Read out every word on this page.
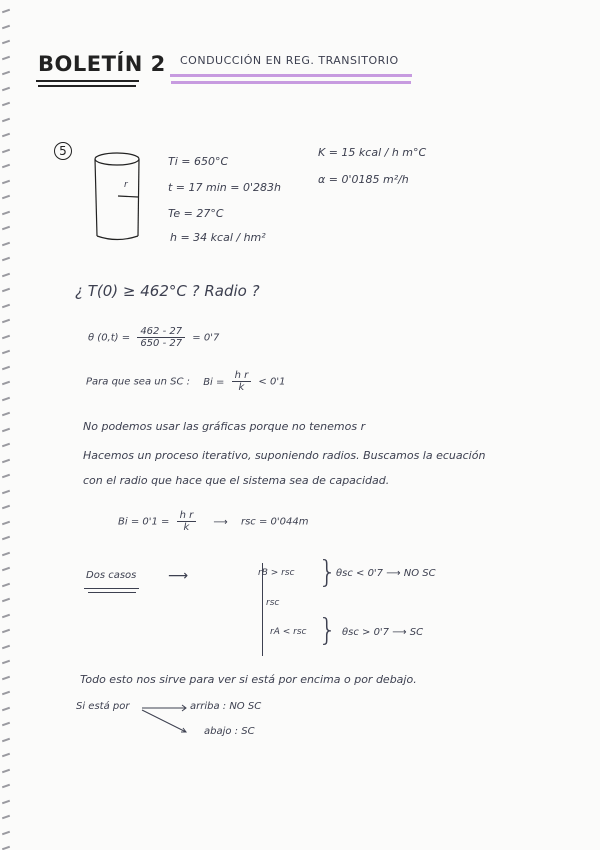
BOLETÍN 2 CONDUCCIÓN EN REG. TRANSITORIO
5
r
Ti = 650°C
t = 17 min = 0'283h
Te = 27°C
h = 34 kcal / hm²
K = 15 kcal / h m°C
α = 0'0185 m²/h
¿ T(0) ≥ 462°C ? Radio ?
θ $(0,t) = \frac{462 - 27}{650 - 27} = 0'7$
Para que sea un SC : $Bi = \frac{\text{h r}}{k} < 0'1$
No podemos usar las gráficas porque no tenemos r
Hacemos un proceso iterativo, suponiendo radios. Buscamos la ecuación
con el radio que hace que el sistema sea de capacidad.
$Bi = 0'1 = \frac{\text{h r}}{k}$ ⟶ rsc = 0'044m
Dos casos ⟶	rB > rsc
rsc
rA < rsc
}
}
θsc < 0'7 ⟶ NO SC
θsc > 0'7 ⟶ SC
Todo esto nos sirve para ver si está por encima o por debajo.
Si está por	arriba : NO SC
abajo : SC
